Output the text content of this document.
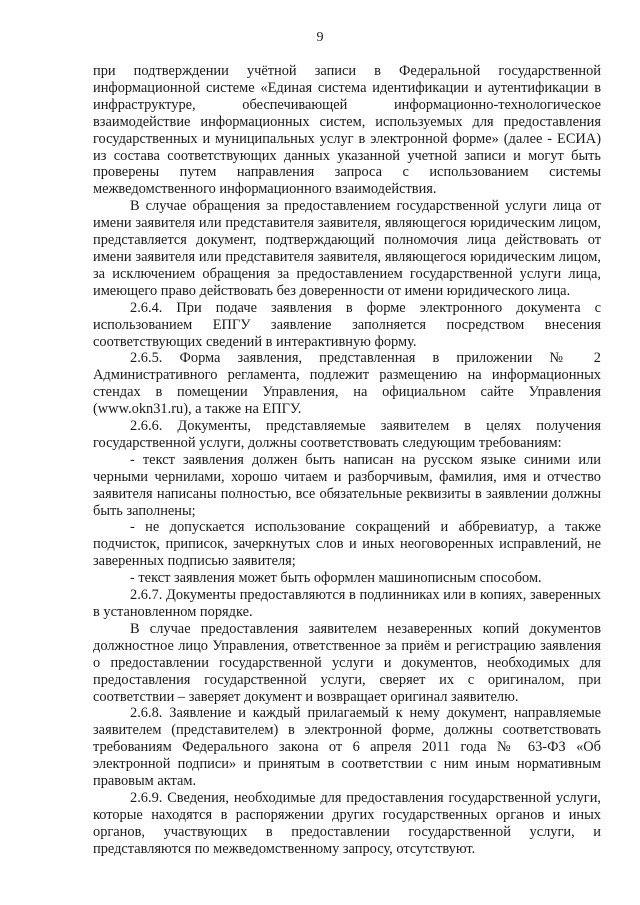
9

при подтверждении учётной записи в Федеральной государственной информационной системе «Единая система идентификации и аутентификации в инфраструктуре, обеспечивающей информационно-технологическое взаимодействие информационных систем, используемых для предоставления государственных и муниципальных услуг в электронной форме» (далее - ЕСИА) из состава соответствующих данных указанной учетной записи и могут быть проверены путем направления запроса с использованием системы межведомственного информационного взаимодействия.

В случае обращения за предоставлением государственной услуги лица от имени заявителя или представителя заявителя, являющегося юридическим лицом, представляется документ, подтверждающий полномочия лица действовать от имени заявителя или представителя заявителя, являющегося юридическим лицом, за исключением обращения за предоставлением государственной услуги лица, имеющего право действовать без доверенности от имени юридического лица.

2.6.4. При подаче заявления в форме электронного документа с использованием ЕПГУ заявление заполняется посредством внесения соответствующих сведений в интерактивную форму.

2.6.5. Форма заявления, представленная в приложении № 2 Административного регламента, подлежит размещению на информационных стендах в помещении Управления, на официальном сайте Управления (www.okn31.ru), а также на ЕПГУ.

2.6.6. Документы, представляемые заявителем в целях получения государственной услуги, должны соответствовать следующим требованиям:

- текст заявления должен быть написан на русском языке синими или черными чернилами, хорошо читаем и разборчивым, фамилия, имя и отчество заявителя написаны полностью, все обязательные реквизиты в заявлении должны быть заполнены;

- не допускается использование сокращений и аббревиатур, а также подчисток, приписок, зачеркнутых слов и иных неоговоренных исправлений, не заверенных подписью заявителя;

- текст заявления может быть оформлен машинописным способом.

2.6.7. Документы предоставляются в подлинниках или в копиях, заверенных в установленном порядке.

В случае предоставления заявителем незаверенных копий документов должностное лицо Управления, ответственное за приём и регистрацию заявления о предоставлении государственной услуги и документов, необходимых для предоставления государственной услуги, сверяет их с оригиналом, при соответствии – заверяет документ и возвращает оригинал заявителю.

2.6.8. Заявление и каждый прилагаемый к нему документ, направляемые заявителем (представителем) в электронной форме, должны соответствовать требованиям Федерального закона от 6 апреля 2011 года № 63-ФЗ «Об электронной подписи» и принятым в соответствии с ним иным нормативным правовым актам.

2.6.9. Сведения, необходимые для предоставления государственной услуги, которые находятся в распоряжении других государственных органов и иных органов, участвующих в предоставлении государственной услуги, и представляются по межведомственному запросу, отсутствуют.
